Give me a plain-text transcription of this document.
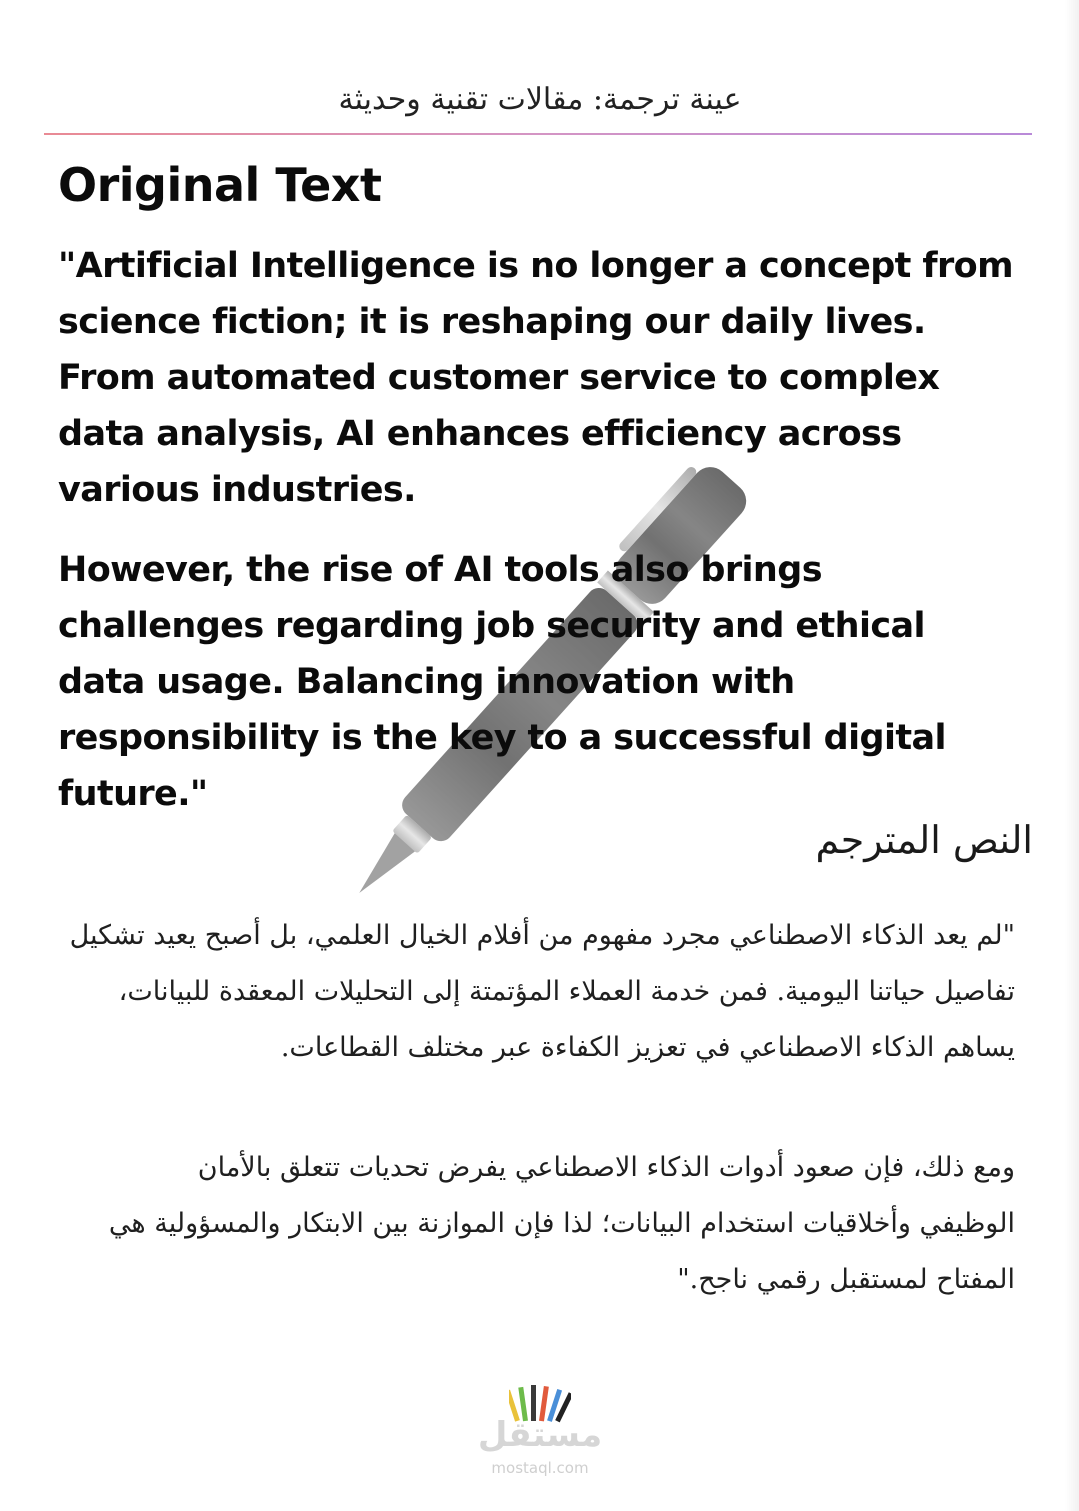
عينة ترجمة: مقالات تقنية وحديثة
Original Text
"Artificial Intelligence is no longer a concept from science fiction; it is reshaping our daily lives. From automated customer service to complex data analysis, AI enhances efficiency across various industries.
However, the rise of AI tools also brings challenges regarding job security and ethical data usage. Balancing innovation with responsibility is the key to a successful digital future."
النص المترجم
"لم يعد الذكاء الاصطناعي مجرد مفهوم من أفلام الخيال العلمي، بل أصبح يعيد تشكيل تفاصيل حياتنا اليومية. فمن خدمة العملاء المؤتمتة إلى التحليلات المعقدة للبيانات، يساهم الذكاء الاصطناعي في تعزيز الكفاءة عبر مختلف القطاعات.
ومع ذلك، فإن صعود أدوات الذكاء الاصطناعي يفرض تحديات تتعلق بالأمان الوظيفي وأخلاقيات استخدام البيانات؛ لذا فإن الموازنة بين الابتكار والمسؤولية هي المفتاح لمستقبل رقمي ناجح."
مستقل
mostaql.com
